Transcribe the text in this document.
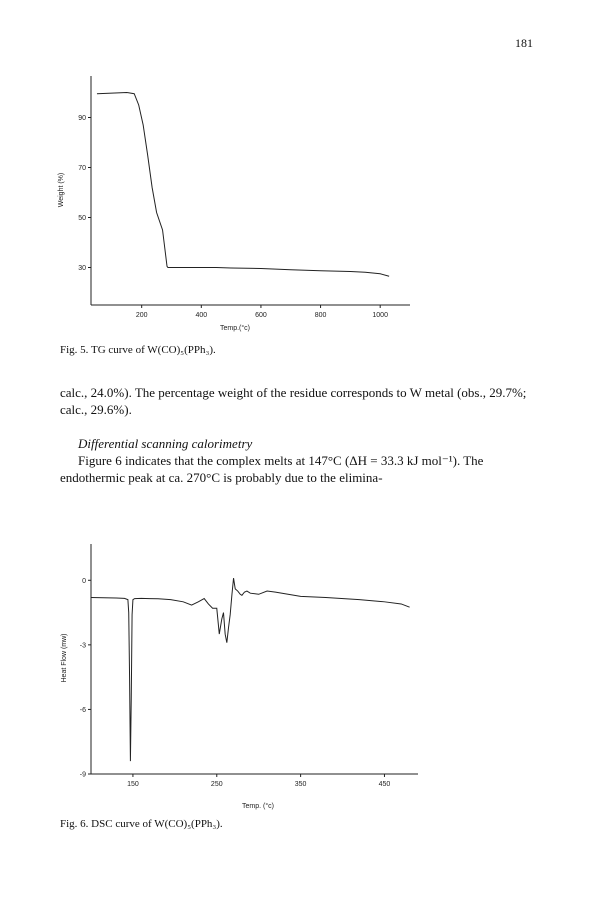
181
200	400	600	800	1000
30
50
70
90
Temp.(°c)
Weight (%)
Fig. 5. TG curve of W(CO)₅(PPh₃).

calc., 24.0%). The percentage weight of the residue corresponds to W metal (obs., 29.7%; calc., 29.6%).

Differential scanning calorimetry

Figure 6 indicates that the complex melts at 147°C (ΔH = 33.3 kJ mol⁻¹). The endothermic peak at ca. 270°C is probably due to the elimina-

150	250	350	450
0
-3
-6
-9
Temp. (°c)
Heat Flow (mw)
Fig. 6. DSC curve of W(CO)₅(PPh₃).
